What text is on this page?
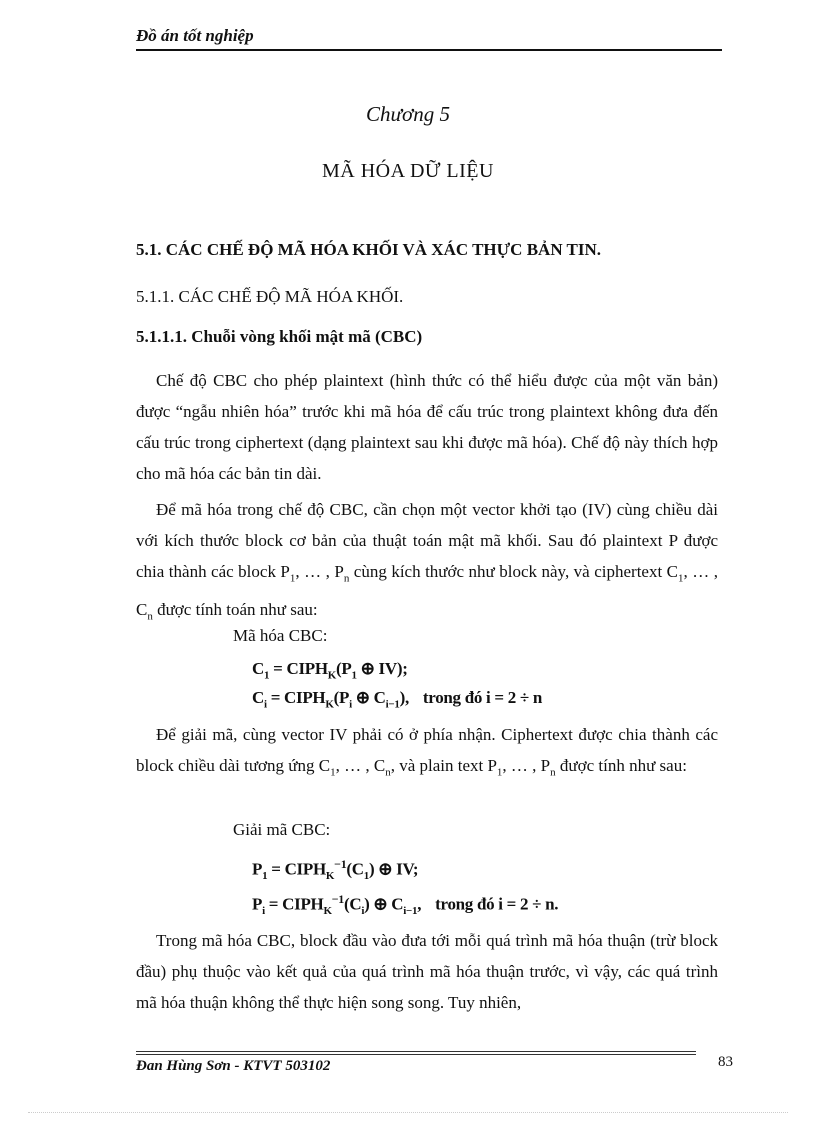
Đồ án tốt nghiệp
Chương 5
MÃ HÓA DỮ LIỆU
5.1. CÁC CHẾ ĐỘ MÃ HÓA KHỐI VÀ XÁC THỰC BẢN TIN.
5.1.1. CÁC CHẾ ĐỘ MÃ HÓA KHỐI.
5.1.1.1. Chuỗi vòng khối mật mã (CBC)
Chế độ CBC cho phép plaintext (hình thức có thể hiểu được của một văn bản) được “ngẫu nhiên hóa” trước khi mã hóa để cấu trúc trong plaintext không đưa đến cấu trúc trong ciphertext (dạng plaintext sau khi được mã hóa). Chế độ này thích hợp cho mã hóa các bản tin dài.
Để mã hóa trong chế độ CBC, cần chọn một vector khởi tạo (IV) cùng chiều dài với kích thước block cơ bản của thuật toán mật mã khối. Sau đó plaintext P được chia thành các block $P_1$, … , $P_n$ cùng kích thước như block này, và ciphertext $C_1$, … , $C_n$ được tính toán như sau:
Mã hóa CBC:
$C_1$ = $CIPH_K(P_1$ ⊕ IV);
$C_i$ = $CIPH_K(P_i$ ⊕ $C_{i-1}$), trong đó i = 2 ÷ n
Để giải mã, cùng vector IV phải có ở phía nhận. Ciphertext được chia thành các block chiều dài tương ứng $C_1$, … , $C_n$, và plain text $P_1$, … , $P_n$ được tính như sau:
Giải mã CBC:
$P_1$ = $CIPH_K^{-1}(C_1)$ ⊕ IV;
$P_i$ = $CIPH_K^{-1}(C_i)$ ⊕ $C_{i-1}$, trong đó i = 2 ÷ n.
Trong mã hóa CBC, block đầu vào đưa tới mỗi quá trình mã hóa thuận (trừ block đầu) phụ thuộc vào kết quả của quá trình mã hóa thuận trước, vì vậy, các quá trình mã hóa thuận không thể thực hiện song song. Tuy nhiên,
Đan Hùng Sơn - KTVT 503102	83
